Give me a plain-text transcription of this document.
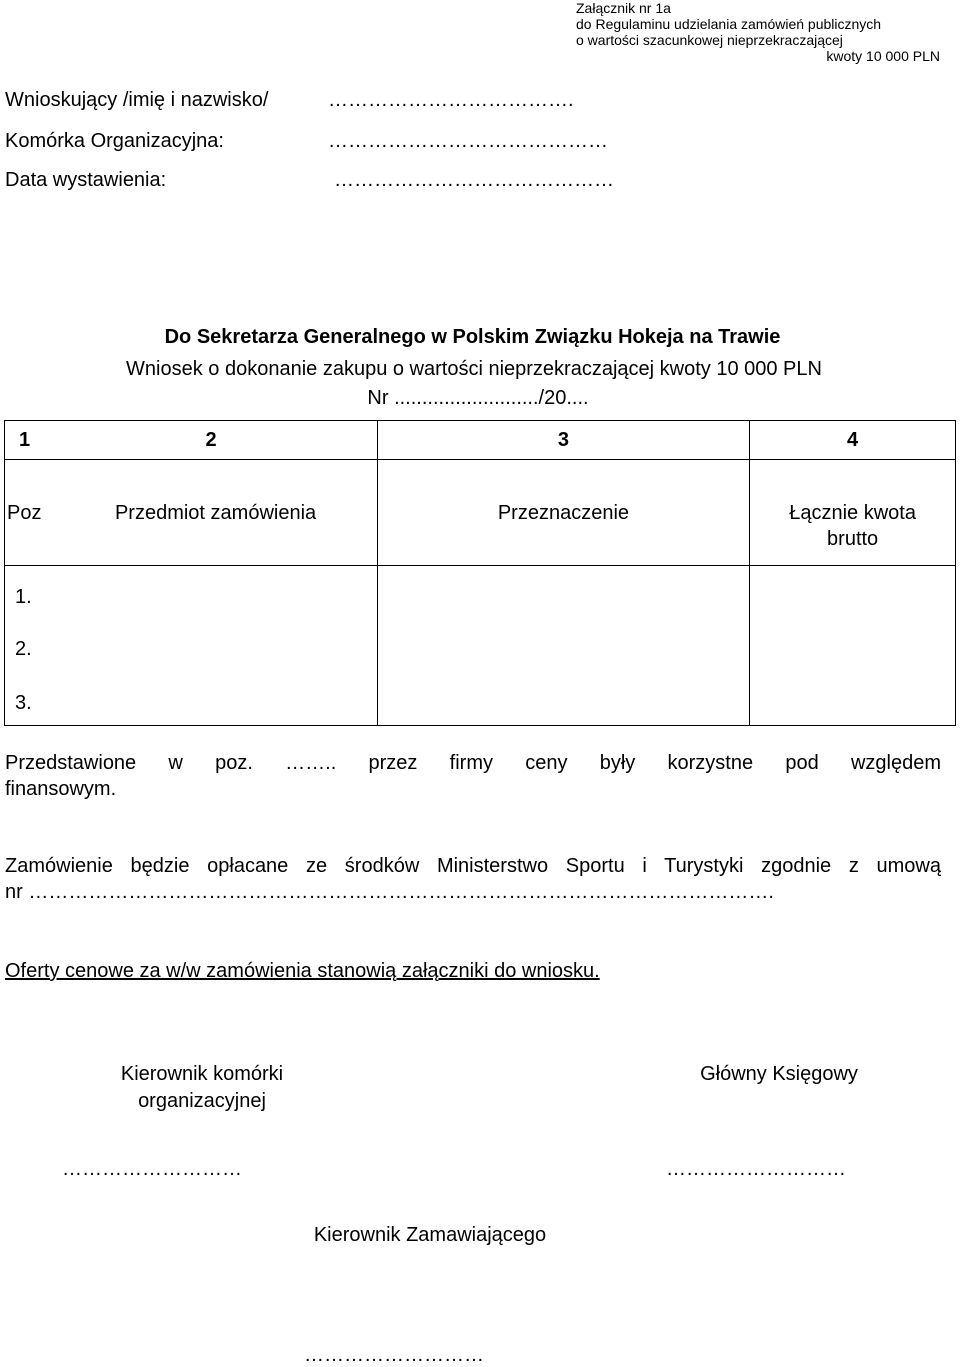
Załącznik nr 1a
do Regulaminu udzielania zamówień publicznych
o wartości szacunkowej nieprzekraczającej
kwoty 10 000 PLN
Wnioskujący /imię i nazwisko/	……………………………….
Komórka Organizacyjna:	……………………………………
Data wystawienia:	……………………………………
Do Sekretarza Generalnego w Polskim Związku Hokeja na Trawie
Wniosek o dokonanie zakupu o wartości nieprzekraczającej kwoty 10 000 PLN
Nr ........................../20....
1 2		3	4
Poz	Przedmiot zamówienia	Przeznaczenie	Łącznie kwota
brutto

1.			
2.			
3.			
Przedstawione w poz. …….. przez firmy ceny były korzystne pod względem
finansowym.
Zamówienie będzie opłacane ze środków Ministerstwo Sportu i Turystyki zgodnie z umową
nr ………………………………………………………………………………………………….
Oferty cenowe za w/w zamówienia stanowią załączniki do wniosku.
Kierownik komórki
organizacyjnej
Główny Księgowy
………………………	………………………
Kierownik Zamawiającego
………………………
